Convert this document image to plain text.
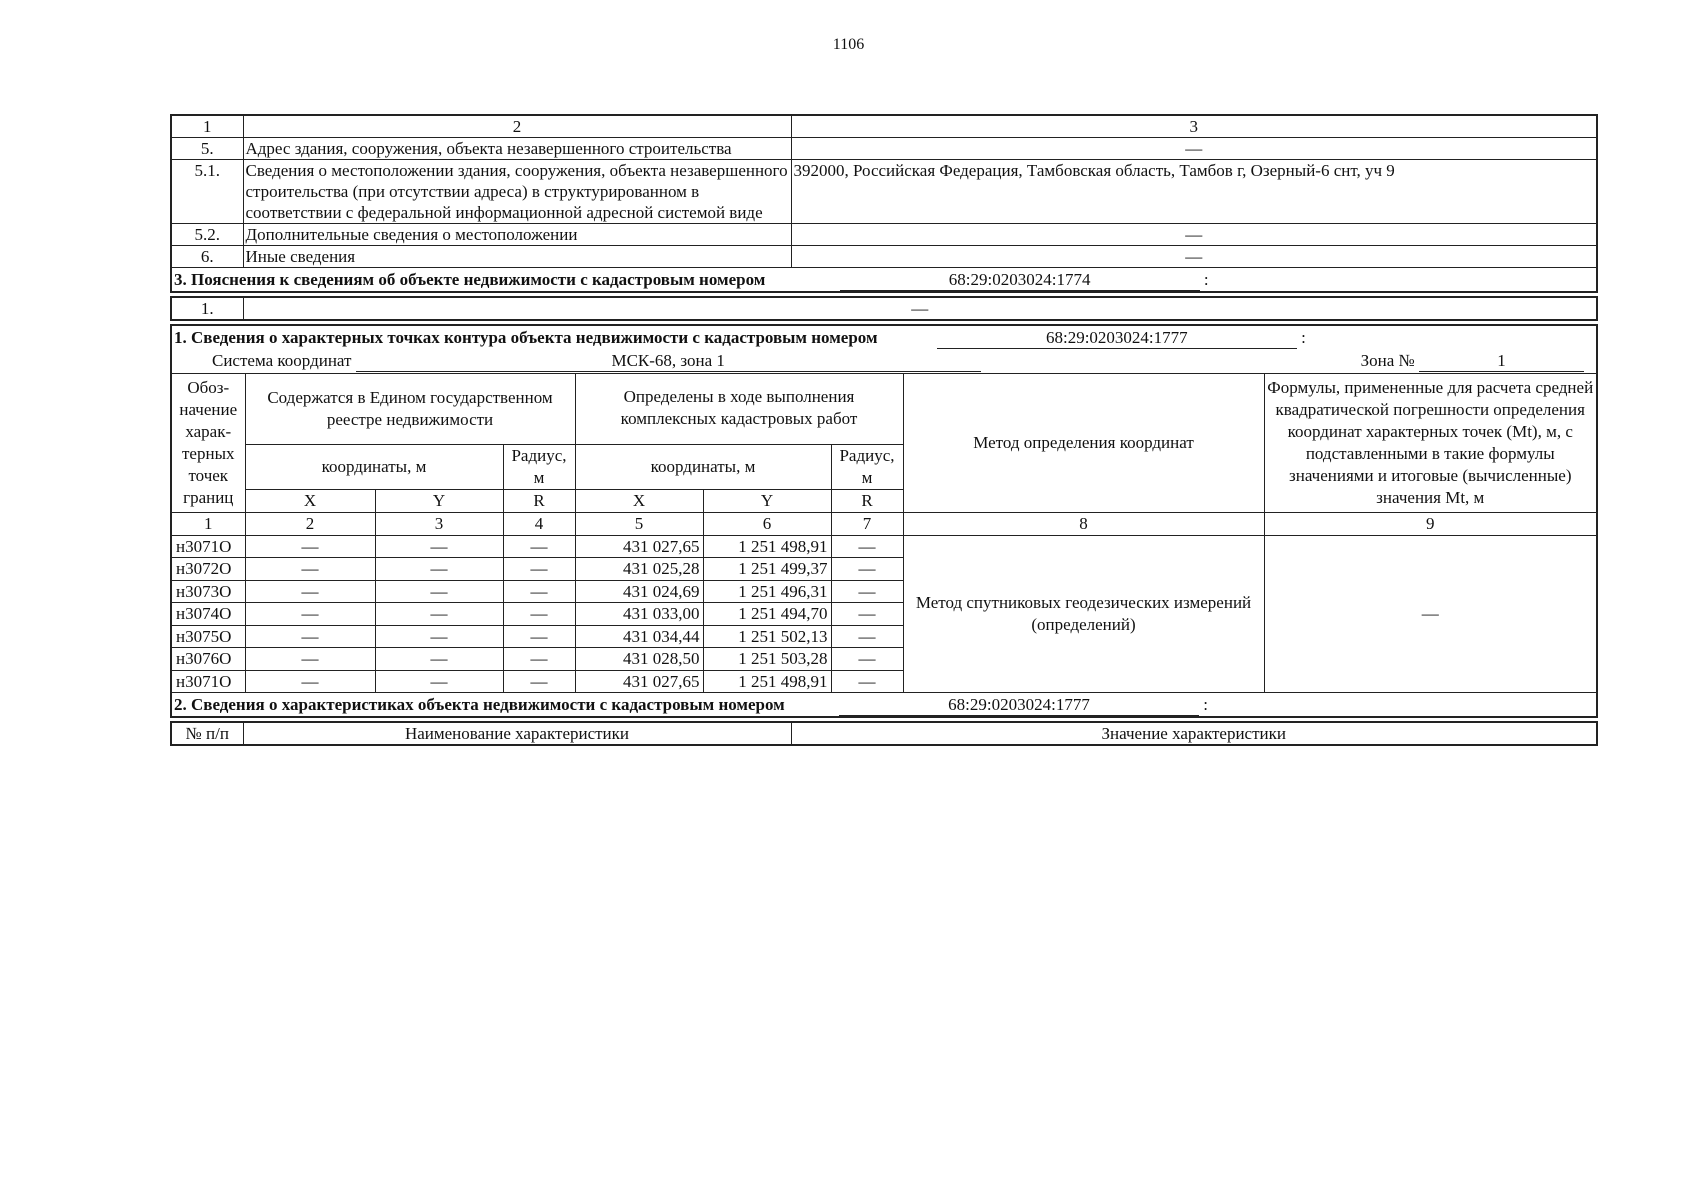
1106
1	2	3
5.	Адрес здания, сооружения, объекта незавершенного строительства	—
5.1.	Сведения о местоположении здания, сооружения, объекта незавершенного строительства (при отсутствии адреса) в структурированном в соответствии с федеральной информационной адресной системой виде	392000, Российская Федерация, Тамбовская область, Тамбов г, Озерный-6 снт, уч 9
5.2.	Дополнительные сведения о местоположении	—
6.	Иные сведения	—
3. Пояснения к сведениям об объекте недвижимости с кадастровым номером 68:29:0203024:1774 :		
1.	—
1. Сведения о характерных точках контура объекта недвижимости с кадастровым номером 68:29:0203024:1777 :								
Система координат МСК-68, зона 1 Зона № 1								

Обоз-начение харак-терных точек границ	Содержатся в Едином государственном реестре недвижимости			Определены в ходе выполнения комплексных кадастровых работ			Метод определения координат	Формулы, примененные для расчета средней квадратической погрешности определения координат характерных точек (Mt), м, с подставленными в такие формулы значениями и итоговые (вычисленные) значения Mt, м
	координаты, м		Радиус, м	координаты, м		Радиус, м		
	X	Y	R	X	Y	R		
1	2	3	4	5	6	7	8	9
н3071О	—	—	—	431 027,65	1 251 498,91	—	Метод спутниковых геодезических измерений (определений)	—
н3072О	—	—	—	431 025,28	1 251 499,37	—		
н3073О	—	—	—	431 024,69	1 251 496,31	—		
н3074О	—	—	—	431 033,00	1 251 494,70	—		
н3075О	—	—	—	431 034,44	1 251 502,13	—		
н3076О	—	—	—	431 028,50	1 251 503,28	—		
н3071О	—	—	—	431 027,65	1 251 498,91	—		
2. Сведения о характеристиках объекта недвижимости с кадастровым номером 68:29:0203024:1777 :								
№ п/п	Наименование характеристики	Значение характеристики
